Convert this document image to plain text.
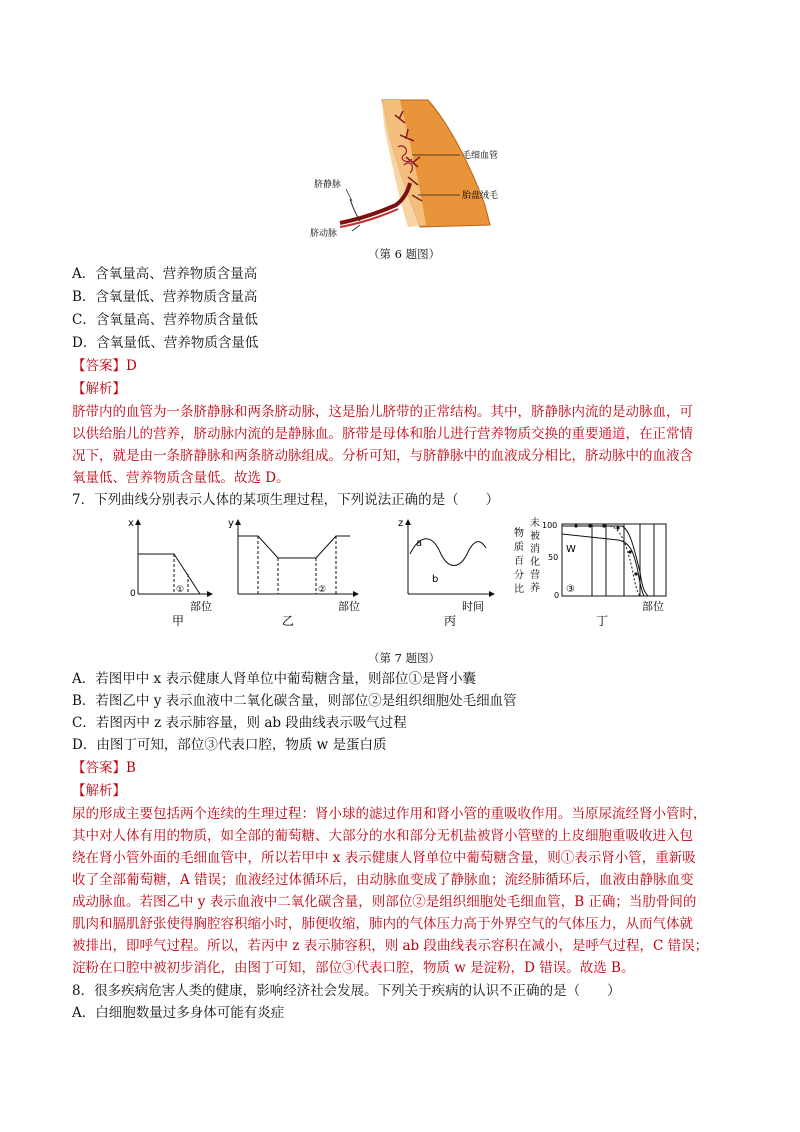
毛细血管
胎盘绒毛
脐静脉
脐动脉
（第 6 题图）
A．含氧量高、营养物质含量高
B．含氧量低、营养物质含量高
C．含氧量高、营养物质含量低
D．含氧量低、营养物质含量低
【答案】D
【解析】
脐带内的血管为一条脐静脉和两条脐动脉，这是胎儿脐带的正常结构。其中，脐静脉内流的是动脉血，可
以供给胎儿的营养，脐动脉内流的是静脉血。脐带是母体和胎儿进行营养物质交换的重要通道，在正常情
况下，就是由一条脐静脉和两条脐动脉组成。分析可知，与脐静脉中的血液成分相比，脐动脉中的血液含
氧量低、营养物质含量低。故选 D。
7．下列曲线分别表示人体的某项生理过程，下列说法正确的是（　　）
x
0	①
部位
甲
y
②
部位
乙
z
a
b
时间
丙
物
质
百
分
比
未
被
消
化
营
养
100
50
0
W
③
部位
丁
（第 7 题图）
A．若图甲中 x 表示健康人肾单位中葡萄糖含量，则部位①是肾小囊
B．若图乙中 y 表示血液中二氧化碳含量，则部位②是组织细胞处毛细血管
C．若图丙中 z 表示肺容量，则 ab 段曲线表示吸气过程
D．由图丁可知，部位③代表口腔，物质 w 是蛋白质
【答案】B
【解析】
尿的形成主要包括两个连续的生理过程：肾小球的滤过作用和肾小管的重吸收作用。当原尿流经肾小管时，
其中对人体有用的物质，如全部的葡萄糖、大部分的水和部分无机盐被肾小管壁的上皮细胞重吸收进入包
绕在肾小管外面的毛细血管中，所以若甲中 x 表示健康人肾单位中葡萄糖含量，则①表示肾小管，重新吸
收了全部葡萄糖，A 错误；血液经过体循环后，由动脉血变成了静脉血；流经肺循环后，血液由静脉血变
成动脉血。若图乙中 y 表示血液中二氧化碳含量，则部位②是组织细胞处毛细血管，B 正确；当肋骨间的
肌肉和膈肌舒张使得胸腔容积缩小时，肺便收缩，肺内的气体压力高于外界空气的气体压力，从而气体就
被排出，即呼气过程。所以，若丙中 z 表示肺容积，则 ab 段曲线表示容积在减小，是呼气过程，C 错误；
淀粉在口腔中被初步消化，由图丁可知，部位③代表口腔，物质 w 是淀粉，D 错误。故选 B。
8．很多疾病危害人类的健康，影响经济社会发展。下列关于疾病的认识不正确的是（　　）
A．白细胞数量过多身体可能有炎症
